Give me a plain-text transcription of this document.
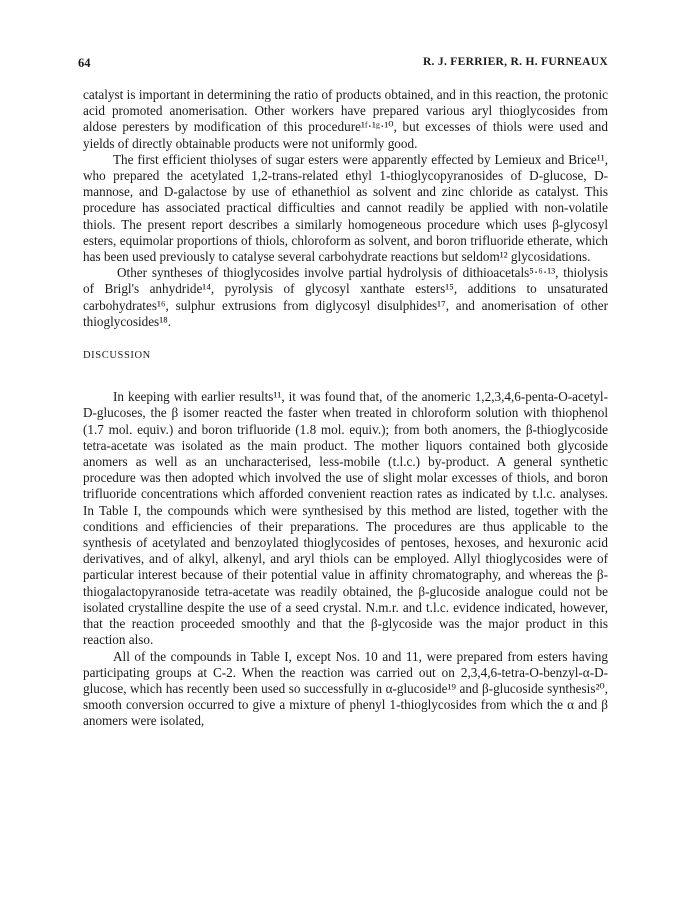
64	R. J. FERRIER, R. H. FURNEAUX

catalyst is important in determining the ratio of products obtained, and in this reaction, the protonic acid promoted anomerisation. Other workers have prepared various aryl thioglycosides from aldose peresters by modification of this procedure¹ᶠ·¹ᵍ·¹⁰, but excesses of thiols were used and yields of directly obtainable products were not uniformly good.

The first efficient thiolyses of sugar esters were apparently effected by Lemieux and Brice¹¹, who prepared the acetylated 1,2-trans-related ethyl 1-thioglycopyranosides of D-glucose, D-mannose, and D-galactose by use of ethanethiol as solvent and zinc chloride as catalyst. This procedure has associated practical difficulties and cannot readily be applied with non-volatile thiols. The present report describes a similarly homogeneous procedure which uses β-glycosyl esters, equimolar proportions of thiols, chloroform as solvent, and boron trifluoride etherate, which has been used previously to catalyse several carbohydrate reactions but seldom¹² glycosidations.

Other syntheses of thioglycosides involve partial hydrolysis of dithioacetals⁵·⁶·¹³, thiolysis of Brigl's anhydride¹⁴, pyrolysis of glycosyl xanthate esters¹⁵, additions to unsaturated carbohydrates¹⁶, sulphur extrusions from diglycosyl disulphides¹⁷, and anomerisation of other thioglycosides¹⁸.

DISCUSSION

In keeping with earlier results¹¹, it was found that, of the anomeric 1,2,3,4,6-penta-O-acetyl-D-glucoses, the β isomer reacted the faster when treated in chloroform solution with thiophenol (1.7 mol. equiv.) and boron trifluoride (1.8 mol. equiv.); from both anomers, the β-thioglycoside tetra-acetate was isolated as the main product. The mother liquors contained both glycoside anomers as well as an uncharacterised, less-mobile (t.l.c.) by-product. A general synthetic procedure was then adopted which involved the use of slight molar excesses of thiols, and boron trifluoride concentrations which afforded convenient reaction rates as indicated by t.l.c. analyses. In Table I, the compounds which were synthesised by this method are listed, together with the conditions and efficiencies of their preparations. The procedures are thus applicable to the synthesis of acetylated and benzoylated thioglycosides of pentoses, hexoses, and hexuronic acid derivatives, and of alkyl, alkenyl, and aryl thiols can be employed. Allyl thioglycosides were of particular interest because of their potential value in affinity chromatography, and whereas the β-thiogalactopyranoside tetra-acetate was readily obtained, the β-glucoside analogue could not be isolated crystalline despite the use of a seed crystal. N.m.r. and t.l.c. evidence indicated, however, that the reaction proceeded smoothly and that the β-glycoside was the major product in this reaction also.

All of the compounds in Table I, except Nos. 10 and 11, were prepared from esters having participating groups at C-2. When the reaction was carried out on 2,3,4,6-tetra-O-benzyl-α-D-glucose, which has recently been used so successfully in α-glucoside¹⁹ and β-glucoside synthesis²⁰, smooth conversion occurred to give a mixture of phenyl 1-thioglycosides from which the α and β anomers were isolated,
